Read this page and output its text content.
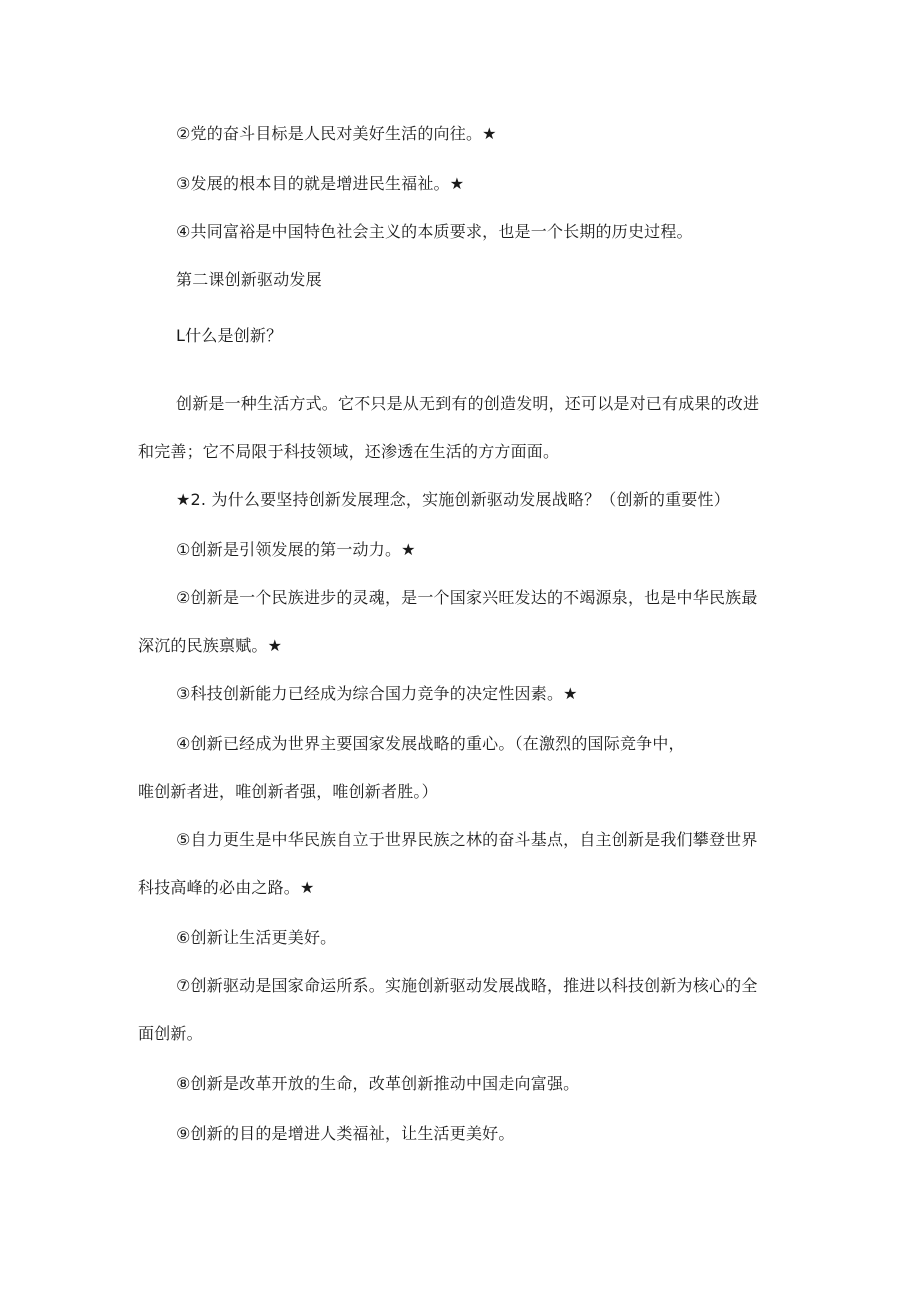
②党的奋斗目标是人民对美好生活的向往。★
③发展的根本目的就是增进民生福祉。★
④共同富裕是中国特色社会主义的本质要求，也是一个长期的历史过程。
第二课创新驱动发展
L什么是创新？
创新是一种生活方式。它不只是从无到有的创造发明，还可以是对已有成果的改进
和完善；它不局限于科技领域，还渗透在生活的方方面面。
★2. 为什么要坚持创新发展理念，实施创新驱动发展战略？（创新的重要性）
①创新是引领发展的第一动力。★
②创新是一个民族进步的灵魂，是一个国家兴旺发达的不竭源泉，也是中华民族最
深沉的民族禀赋。★
③科技创新能力已经成为综合国力竞争的决定性因素。★
④创新已经成为世界主要国家发展战略的重心。（在激烈的国际竞争中，
唯创新者进，唯创新者强，唯创新者胜。）
⑤自力更生是中华民族自立于世界民族之林的奋斗基点，自主创新是我们攀登世界
科技高峰的必由之路。★
⑥创新让生活更美好。
⑦创新驱动是国家命运所系。实施创新驱动发展战略，推进以科技创新为核心的全
面创新。
⑧创新是改革开放的生命，改革创新推动中国走向富强。
⑨创新的目的是增进人类福祉，让生活更美好。
